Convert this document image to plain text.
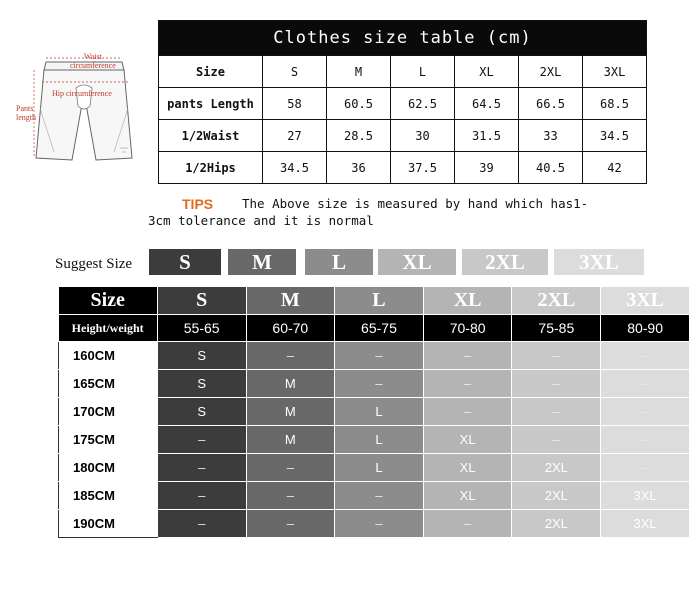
Waist
circumference
Hip circumference
Pants
length
Clothes size table (cm)						
Size	S	M	L	XL	2XL	3XL
pants Length	58	60.5	62.5	64.5	66.5	68.5
1/2Waist	27	28.5	30	31.5	33	34.5
1/2Hips	34.5	36	37.5	39	40.5	42
TIPS	The Above size is measured by hand which has1-
3cm tolerance and it is normal
Suggest Size	S	M	L	XL	2XL	3XL
Size	S	M	L	XL	2XL	3XL
Height/weight	55-65	60-70	65-75	70-80	75-85	80-90
160CM	S	–	–	–	–	–
165CM	S	M	–	–	–	–
170CM	S	M	L	–	–	–
175CM	–	M	L	XL	–	–
180CM	–	–	L	XL	2XL	–
185CM	–	–	–	XL	2XL	3XL
190CM	–	–	–	–	2XL	3XL
